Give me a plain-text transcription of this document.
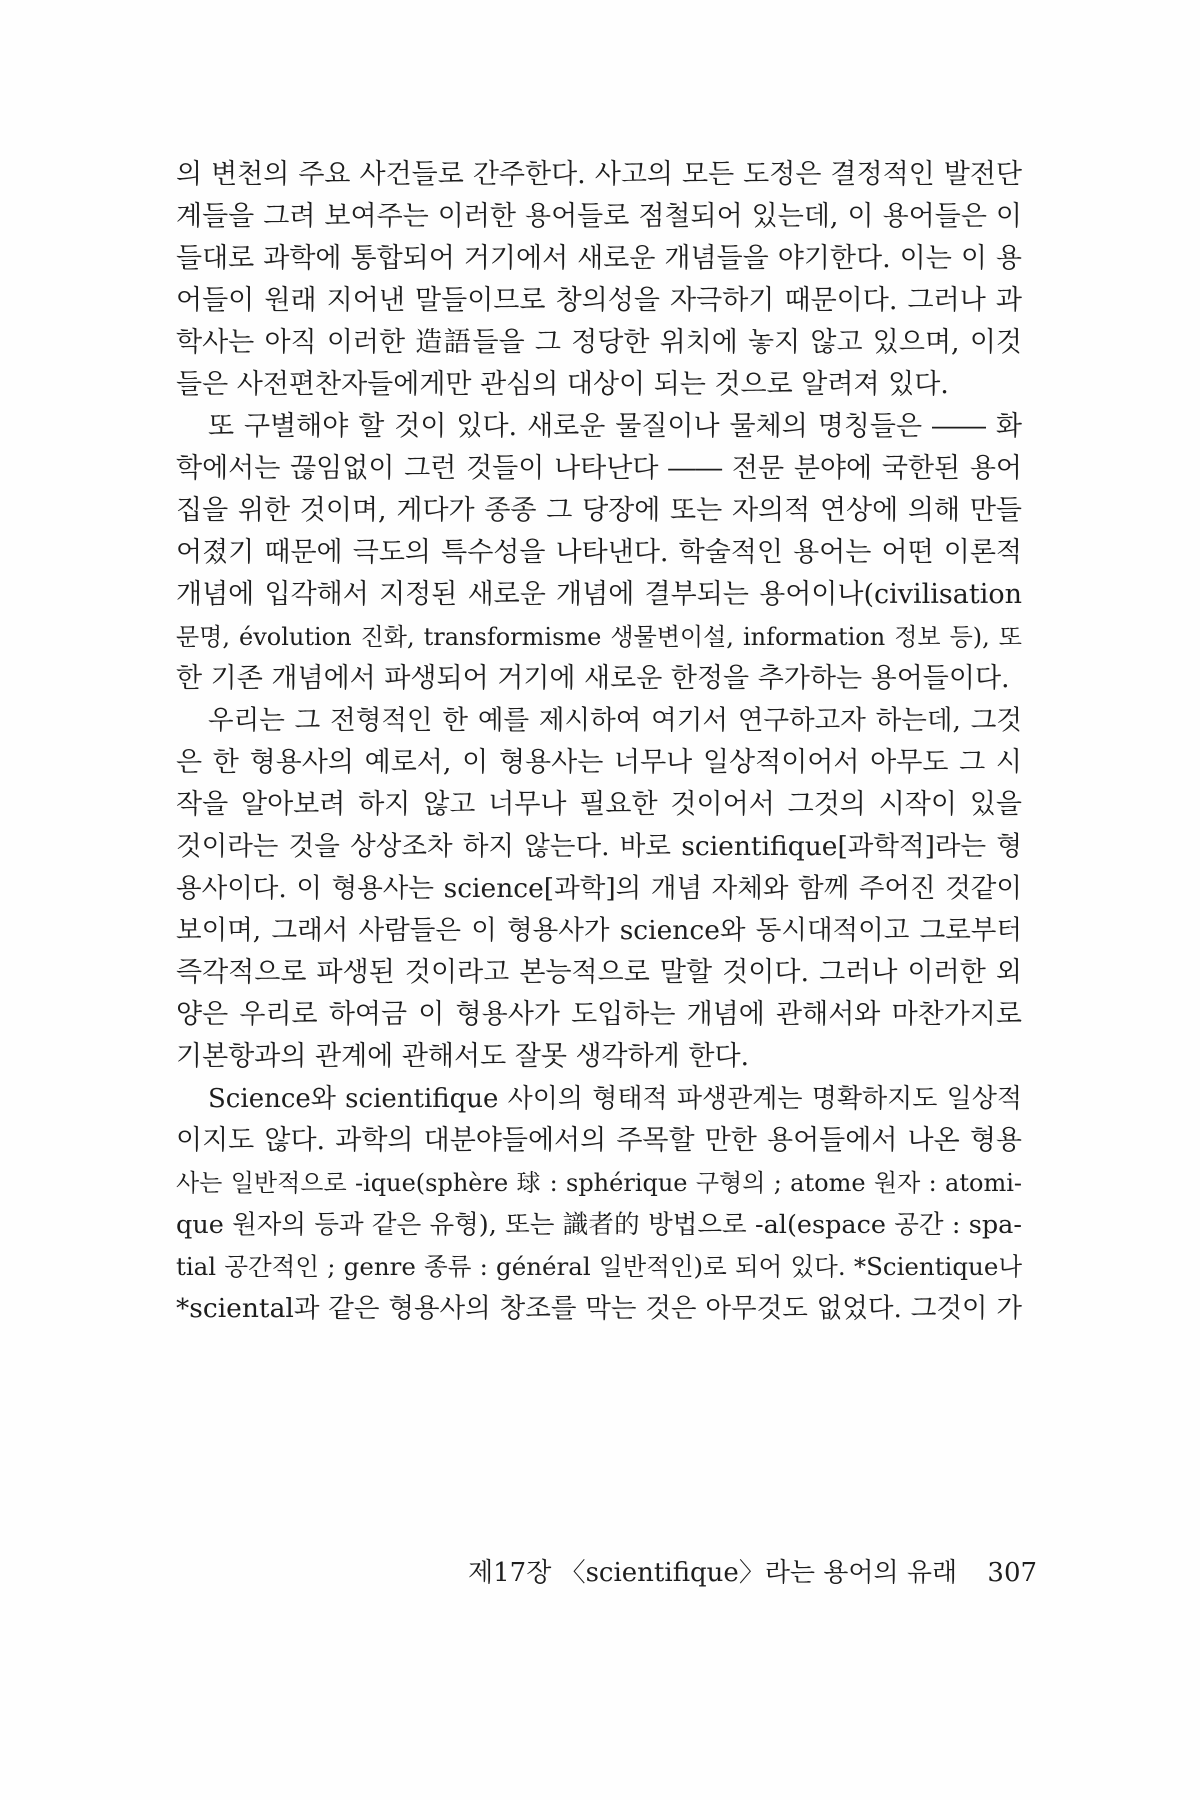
의 변천의 주요 사건들로 간주한다. 사고의 모든 도정은 결정적인 발전단
계들을 그려 보여주는 이러한 용어들로 점철되어 있는데, 이 용어들은 이
들대로 과학에 통합되어 거기에서 새로운 개념들을 야기한다. 이는 이 용
어들이 원래 지어낸 말들이므로 창의성을 자극하기 때문이다. 그러나 과
학사는 아직 이러한 造語들을 그 정당한 위치에 놓지 않고 있으며, 이것
들은 사전편찬자들에게만 관심의 대상이 되는 것으로 알려져 있다.
또 구별해야 할 것이 있다. 새로운 물질이나 물체의 명칭들은 ―― 화
학에서는 끊임없이 그런 것들이 나타난다 ―― 전문 분야에 국한된 용어
집을 위한 것이며, 게다가 종종 그 당장에 또는 자의적 연상에 의해 만들
어졌기 때문에 극도의 특수성을 나타낸다. 학술적인 용어는 어떤 이론적
개념에 입각해서 지정된 새로운 개념에 결부되는 용어이나(civilisation
문명, évolution 진화, transformisme 생물변이설, information 정보 등), 또
한 기존 개념에서 파생되어 거기에 새로운 한정을 추가하는 용어들이다.
우리는 그 전형적인 한 예를 제시하여 여기서 연구하고자 하는데, 그것
은 한 형용사의 예로서, 이 형용사는 너무나 일상적이어서 아무도 그 시
작을 알아보려 하지 않고 너무나 필요한 것이어서 그것의 시작이 있을
것이라는 것을 상상조차 하지 않는다. 바로 scientifique[과학적]라는 형
용사이다. 이 형용사는 science[과학]의 개념 자체와 함께 주어진 것같이
보이며, 그래서 사람들은 이 형용사가 science와 동시대적이고 그로부터
즉각적으로 파생된 것이라고 본능적으로 말할 것이다. 그러나 이러한 외
양은 우리로 하여금 이 형용사가 도입하는 개념에 관해서와 마찬가지로
기본항과의 관계에 관해서도 잘못 생각하게 한다.
Science와 scientifique 사이의 형태적 파생관계는 명확하지도 일상적
이지도 않다. 과학의 대분야들에서의 주목할 만한 용어들에서 나온 형용
사는 일반적으로 -ique(sphère 球 : sphérique 구형의 ; atome 원자 : atomi-
que 원자의 등과 같은 유형), 또는 識者的 방법으로 -al(espace 공간 : spa-
tial 공간적인 ; genre 종류 : général 일반적인)로 되어 있다. *Scientique나
*sciental과 같은 형용사의 창조를 막는 것은 아무것도 없었다. 그것이 가
제17장 〈scientifique〉라는 용어의 유래 307
